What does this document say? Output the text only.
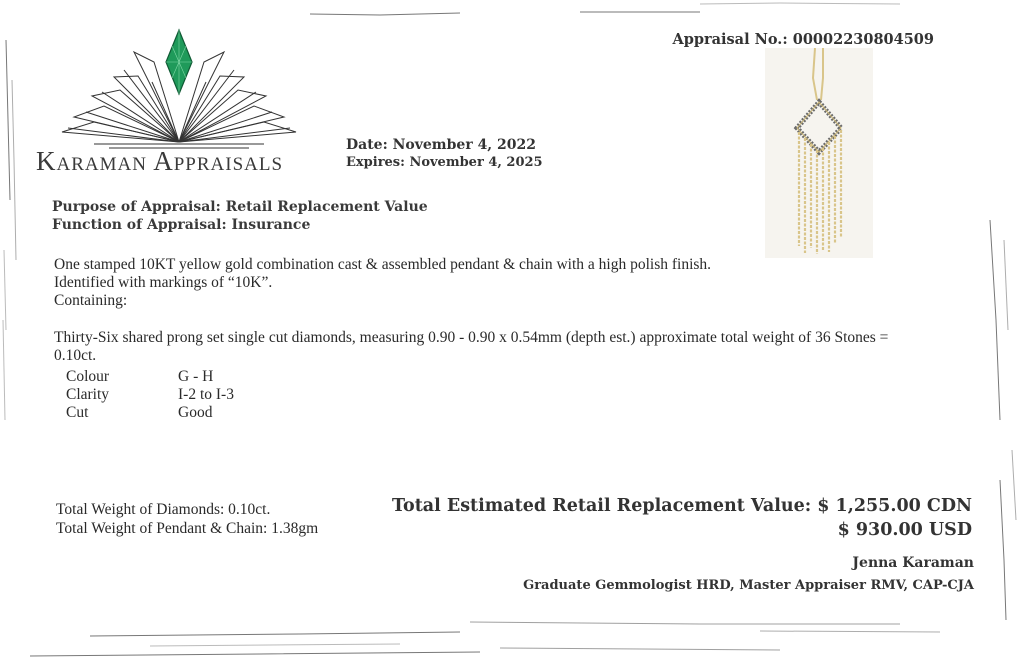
Karaman Appraisals
Appraisal No.: 00002230804509
Date: November 4, 2022
Expires: November 4, 2025
Purpose of Appraisal: Retail Replacement Value
Function of Appraisal: Insurance
One stamped 10KT yellow gold combination cast & assembled pendant & chain with a high polish finish. Identified with markings of “10K”.
Containing:
Thirty-Six shared prong set single cut diamonds, measuring 0.90 - 0.90 x 0.54mm (depth est.) approximate total weight of 36 Stones = 0.10ct.
Colour	G - H
Clarity	I-2 to I-3
Cut	Good
Total Weight of Diamonds: 0.10ct.
Total Weight of Pendant & Chain: 1.38gm
Total Estimated Retail Replacement Value: $ 1,255.00 CDN
$ 930.00 USD
Jenna Karaman
Graduate Gemmologist HRD, Master Appraiser RMV, CAP-CJA
